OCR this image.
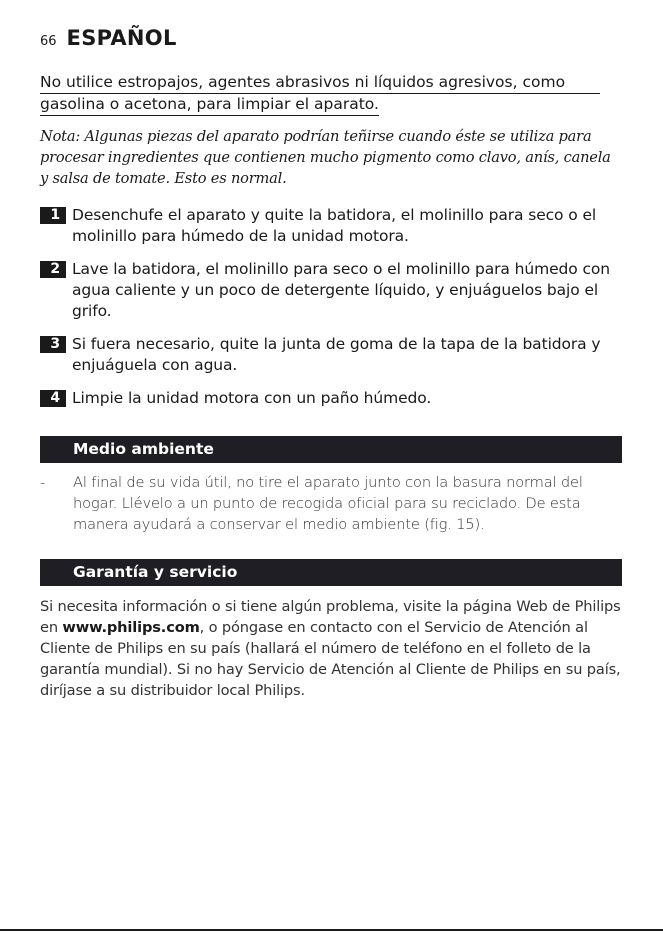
66 ESPAÑOL
No utilice estropajos, agentes abrasivos ni líquidos agresivos, como
gasolina o acetona, para limpiar el aparato.
Nota: Algunas piezas del aparato podrían teñirse cuando éste se utiliza para procesar ingredientes que contienen mucho pigmento como clavo, anís, canela y salsa de tomate. Esto es normal.
1 Desenchufe el aparato y quite la batidora, el molinillo para seco o el molinillo para húmedo de la unidad motora.
2 Lave la batidora, el molinillo para seco o el molinillo para húmedo con agua caliente y un poco de detergente líquido, y enjuáguelos bajo el grifo.
3 Si fuera necesario, quite la junta de goma de la tapa de la batidora y enjuáguela con agua.
4 Limpie la unidad motora con un paño húmedo.
Medio ambiente
- Al final de su vida útil, no tire el aparato junto con la basura normal del hogar. Llévelo a un punto de recogida oficial para su reciclado. De esta manera ayudará a conservar el medio ambiente (fig. 15).
Garantía y servicio
Si necesita información o si tiene algún problema, visite la página Web de Philips en www.philips.com, o póngase en contacto con el Servicio de Atención al Cliente de Philips en su país (hallará el número de teléfono en el folleto de la garantía mundial). Si no hay Servicio de Atención al Cliente de Philips en su país, diríjase a su distribuidor local Philips.
